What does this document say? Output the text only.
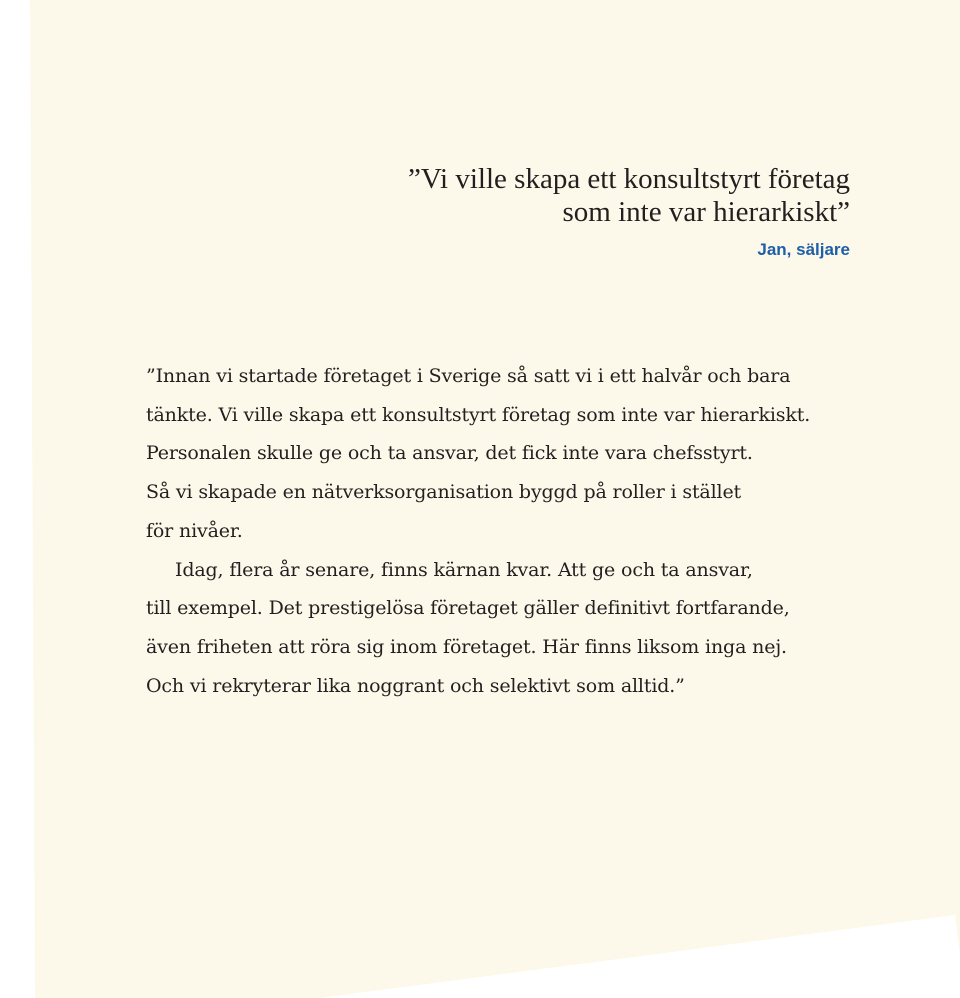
”Vi ville skapa ett konsultstyrt företag
som inte var hierarkiskt”
Jan, säljare
”Innan vi startade företaget i Sverige så satt vi i ett halvår och bara
tänkte. Vi ville skapa ett konsultstyrt företag som inte var hierarkiskt.
Personalen skulle ge och ta ansvar, det fick inte vara chefsstyrt.
Så vi skapade en nätverksorganisation byggd på roller i stället
för nivåer.
Idag, flera år senare, finns kärnan kvar. Att ge och ta ansvar,
till exempel. Det prestigelösa företaget gäller definitivt fortfarande,
även friheten att röra sig inom företaget. Här finns liksom inga nej.
Och vi rekryterar lika noggrant och selektivt som alltid.”
